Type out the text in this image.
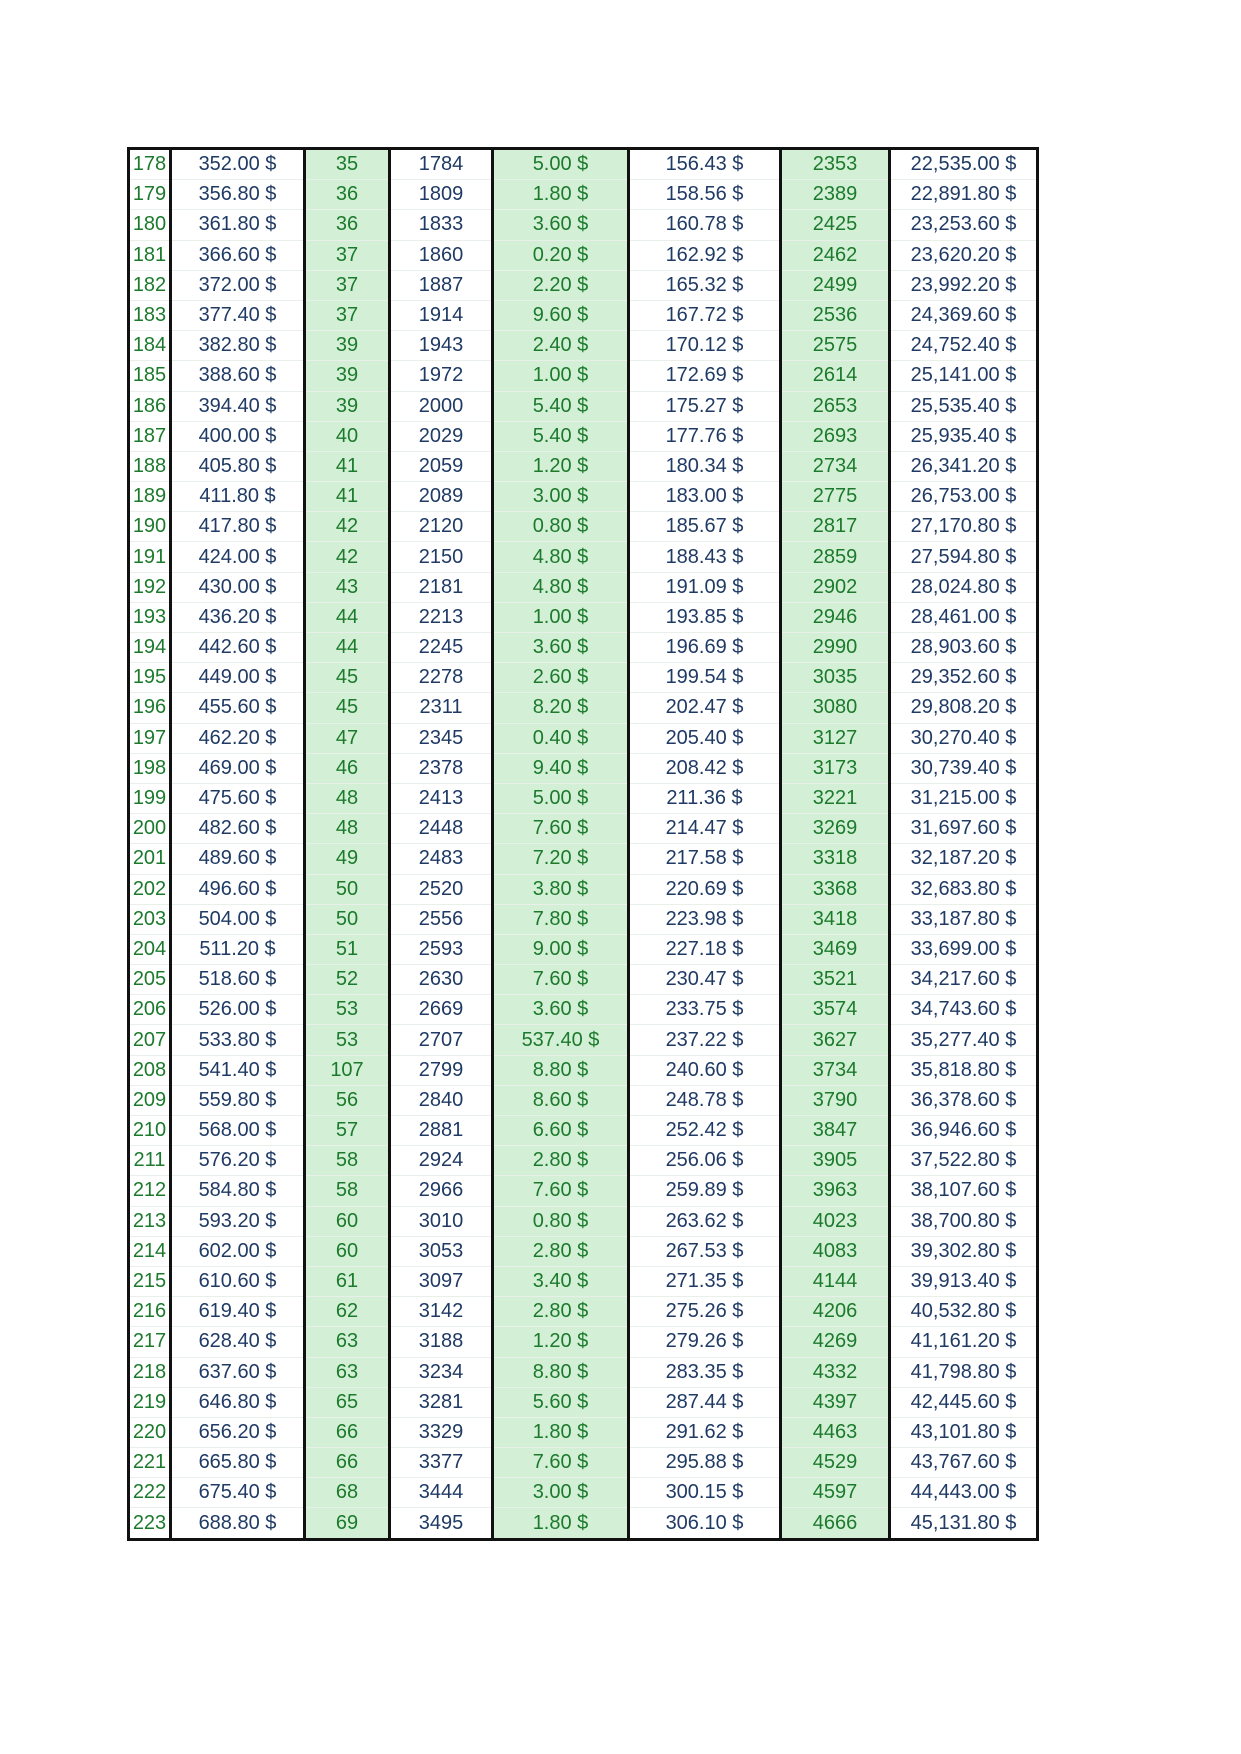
178	352.00 $	35	1784	5.00 $	156.43 $	2353	22,535.00 $
179	356.80 $	36	1809	1.80 $	158.56 $	2389	22,891.80 $
180	361.80 $	36	1833	3.60 $	160.78 $	2425	23,253.60 $
181	366.60 $	37	1860	0.20 $	162.92 $	2462	23,620.20 $
182	372.00 $	37	1887	2.20 $	165.32 $	2499	23,992.20 $
183	377.40 $	37	1914	9.60 $	167.72 $	2536	24,369.60 $
184	382.80 $	39	1943	2.40 $	170.12 $	2575	24,752.40 $
185	388.60 $	39	1972	1.00 $	172.69 $	2614	25,141.00 $
186	394.40 $	39	2000	5.40 $	175.27 $	2653	25,535.40 $
187	400.00 $	40	2029	5.40 $	177.76 $	2693	25,935.40 $
188	405.80 $	41	2059	1.20 $	180.34 $	2734	26,341.20 $
189	411.80 $	41	2089	3.00 $	183.00 $	2775	26,753.00 $
190	417.80 $	42	2120	0.80 $	185.67 $	2817	27,170.80 $
191	424.00 $	42	2150	4.80 $	188.43 $	2859	27,594.80 $
192	430.00 $	43	2181	4.80 $	191.09 $	2902	28,024.80 $
193	436.20 $	44	2213	1.00 $	193.85 $	2946	28,461.00 $
194	442.60 $	44	2245	3.60 $	196.69 $	2990	28,903.60 $
195	449.00 $	45	2278	2.60 $	199.54 $	3035	29,352.60 $
196	455.60 $	45	2311	8.20 $	202.47 $	3080	29,808.20 $
197	462.20 $	47	2345	0.40 $	205.40 $	3127	30,270.40 $
198	469.00 $	46	2378	9.40 $	208.42 $	3173	30,739.40 $
199	475.60 $	48	2413	5.00 $	211.36 $	3221	31,215.00 $
200	482.60 $	48	2448	7.60 $	214.47 $	3269	31,697.60 $
201	489.60 $	49	2483	7.20 $	217.58 $	3318	32,187.20 $
202	496.60 $	50	2520	3.80 $	220.69 $	3368	32,683.80 $
203	504.00 $	50	2556	7.80 $	223.98 $	3418	33,187.80 $
204	511.20 $	51	2593	9.00 $	227.18 $	3469	33,699.00 $
205	518.60 $	52	2630	7.60 $	230.47 $	3521	34,217.60 $
206	526.00 $	53	2669	3.60 $	233.75 $	3574	34,743.60 $
207	533.80 $	53	2707	537.40 $	237.22 $	3627	35,277.40 $
208	541.40 $	107	2799	8.80 $	240.60 $	3734	35,818.80 $
209	559.80 $	56	2840	8.60 $	248.78 $	3790	36,378.60 $
210	568.00 $	57	2881	6.60 $	252.42 $	3847	36,946.60 $
211	576.20 $	58	2924	2.80 $	256.06 $	3905	37,522.80 $
212	584.80 $	58	2966	7.60 $	259.89 $	3963	38,107.60 $
213	593.20 $	60	3010	0.80 $	263.62 $	4023	38,700.80 $
214	602.00 $	60	3053	2.80 $	267.53 $	4083	39,302.80 $
215	610.60 $	61	3097	3.40 $	271.35 $	4144	39,913.40 $
216	619.40 $	62	3142	2.80 $	275.26 $	4206	40,532.80 $
217	628.40 $	63	3188	1.20 $	279.26 $	4269	41,161.20 $
218	637.60 $	63	3234	8.80 $	283.35 $	4332	41,798.80 $
219	646.80 $	65	3281	5.60 $	287.44 $	4397	42,445.60 $
220	656.20 $	66	3329	1.80 $	291.62 $	4463	43,101.80 $
221	665.80 $	66	3377	7.60 $	295.88 $	4529	43,767.60 $
222	675.40 $	68	3444	3.00 $	300.15 $	4597	44,443.00 $
223	688.80 $	69	3495	1.80 $	306.10 $	4666	45,131.80 $
